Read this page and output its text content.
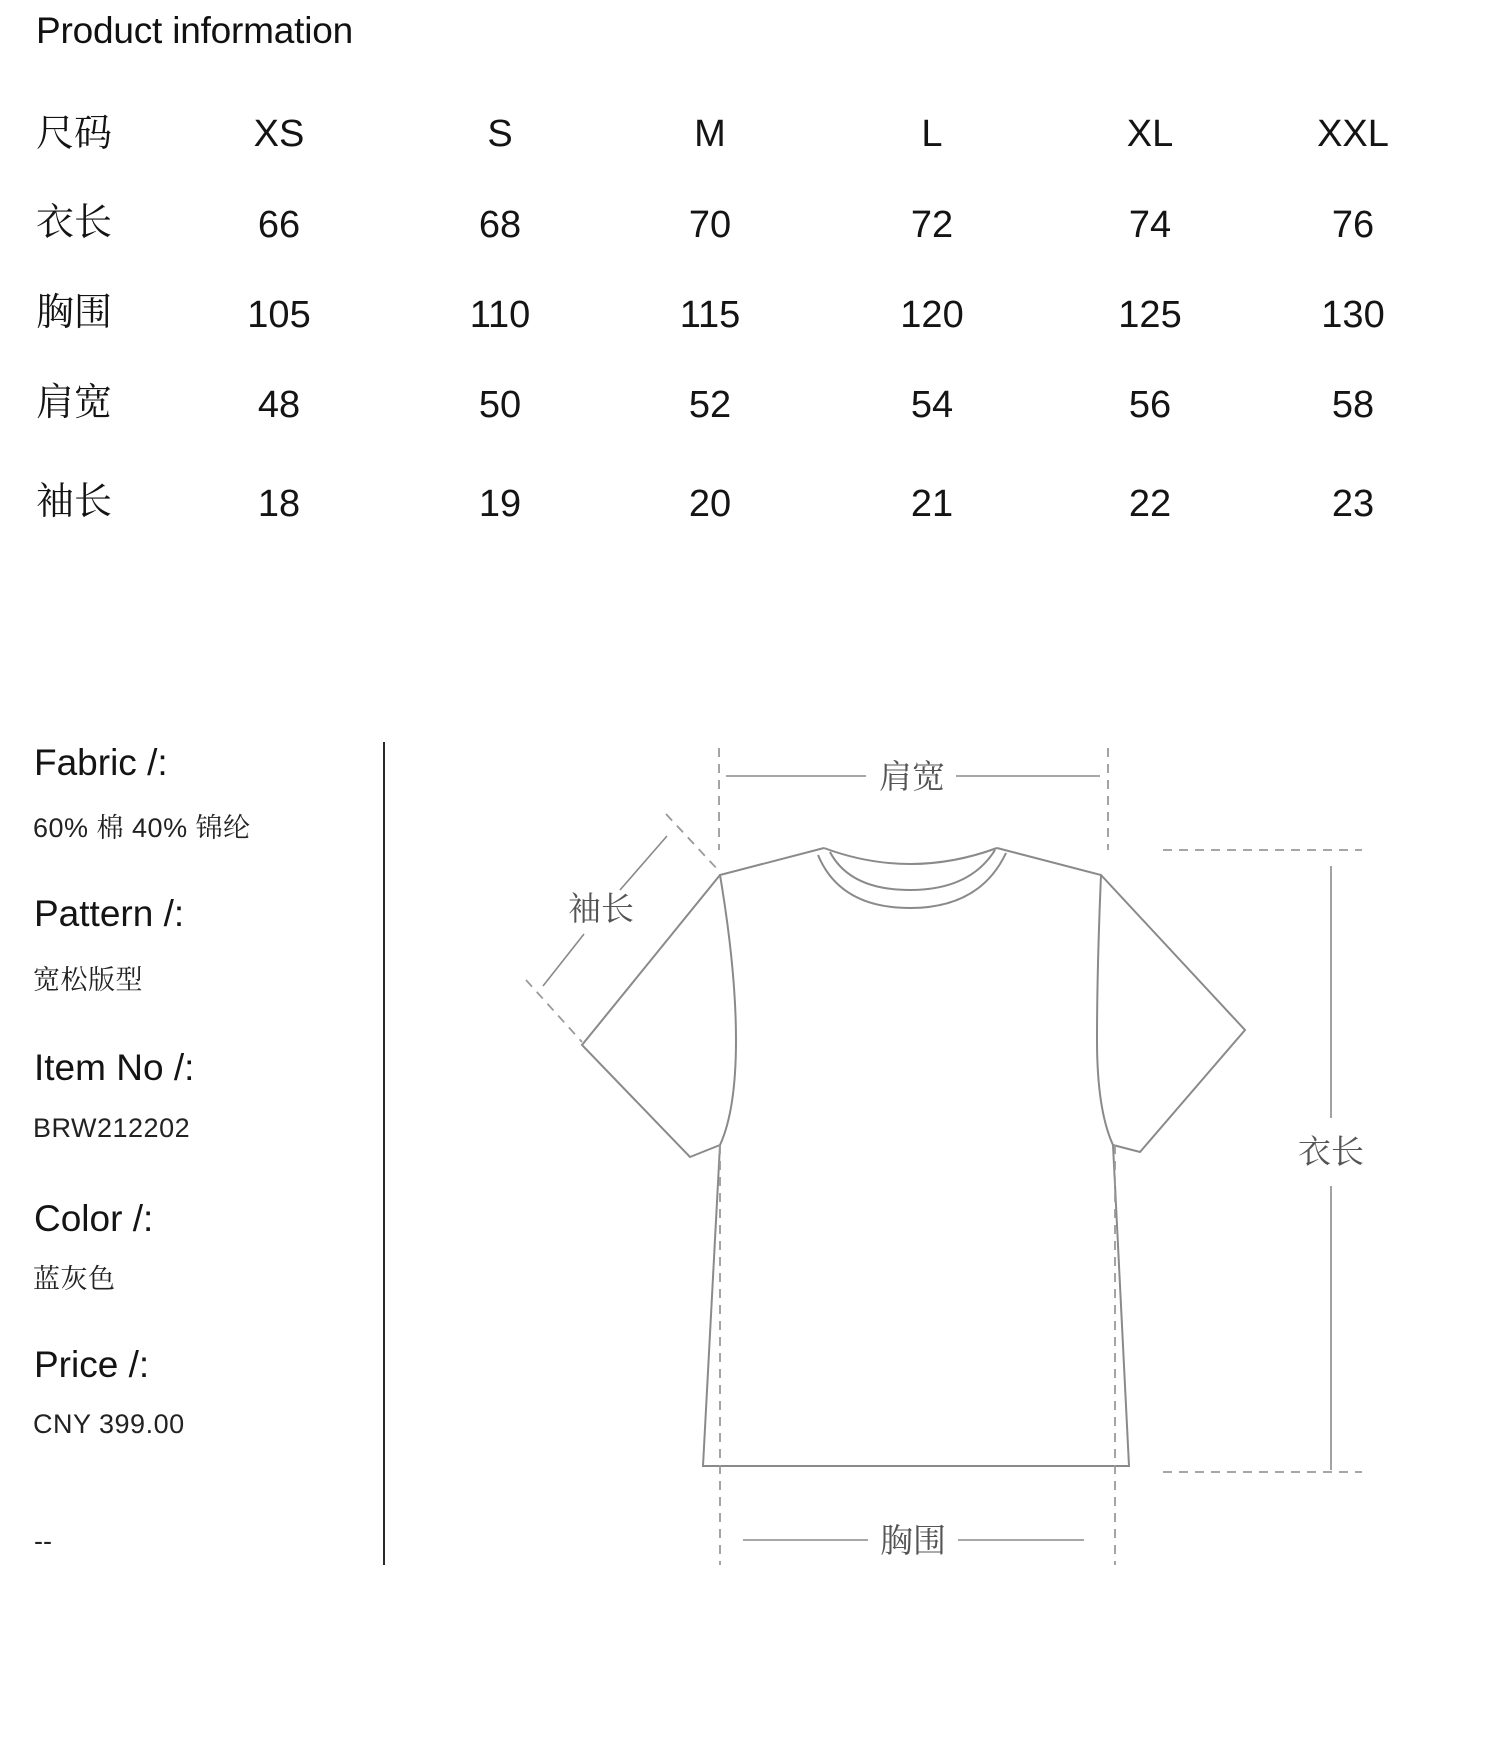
Product information
尺码	XS	S	M	L	XL	XXL
衣长	66	68	70	72	74	76
胸围	105	110	115	120	125	130
肩宽	48	50	52	54	56	58
袖长	18	19	20	21	22	23
Fabric /:
60% 棉 40% 锦纶
Pattern /:
宽松版型
Item No /:
BRW212202
Color /:
蓝灰色
Price /:
CNY 399.00
--
肩宽
袖长
衣长
胸围
